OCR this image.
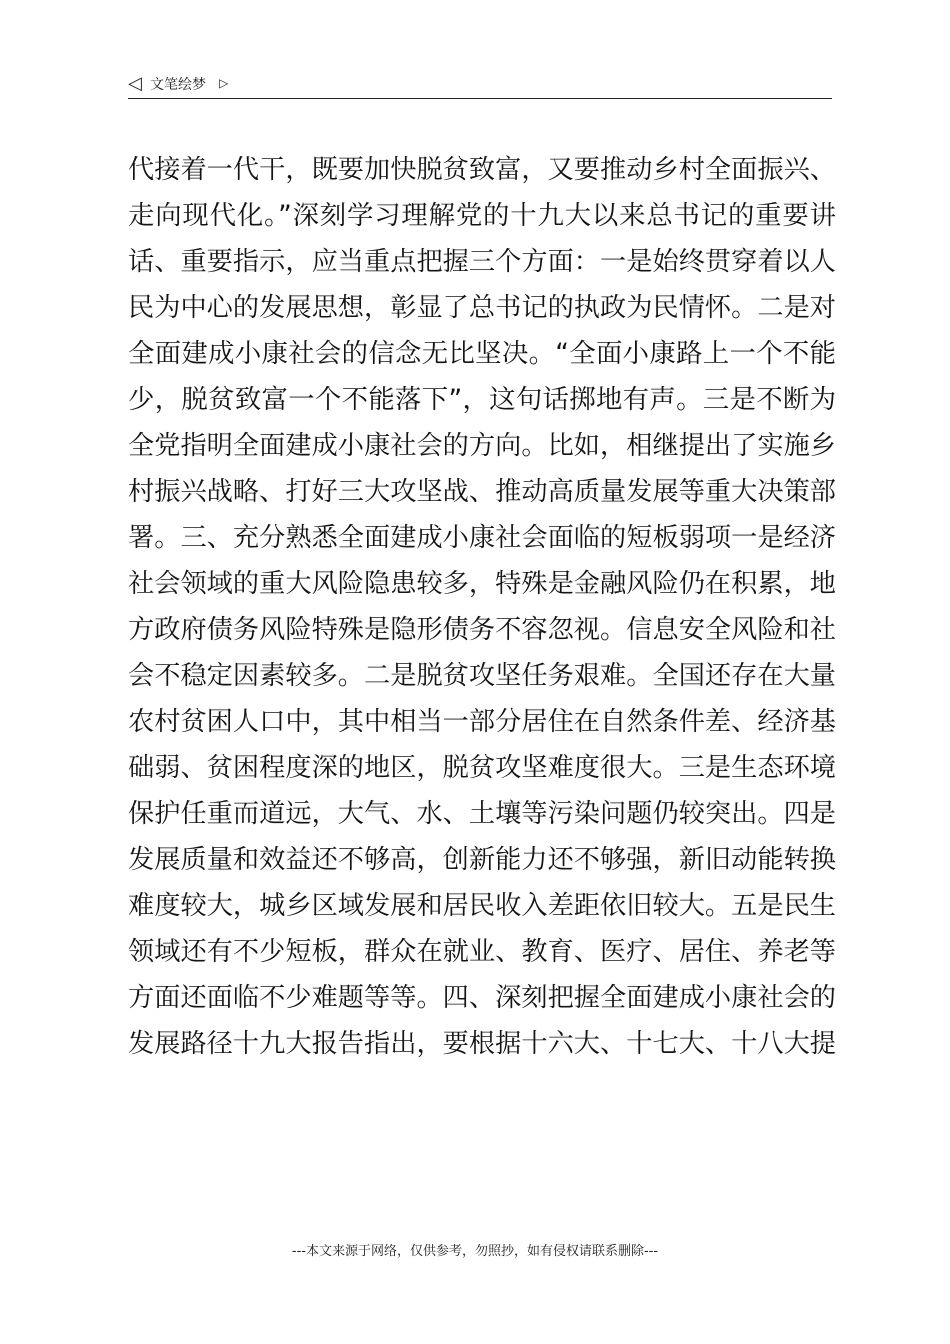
◁ 文笔绘梦 ▷
代接着一代干，既要加快脱贫致富，又要推动乡村全面振兴、
走向现代化。”深刻学习理解党的十九大以来总书记的重要讲
话、重要指示，应当重点把握三个方面：一是始终贯穿着以人
民为中心的发展思想，彰显了总书记的执政为民情怀。二是对
全面建成小康社会的信念无比坚决。“全面小康路上一个不能
少，脱贫致富一个不能落下”，这句话掷地有声。三是不断为
全党指明全面建成小康社会的方向。比如，相继提出了实施乡
村振兴战略、打好三大攻坚战、推动高质量发展等重大决策部
署。三、充分熟悉全面建成小康社会面临的短板弱项一是经济
社会领域的重大风险隐患较多，特殊是金融风险仍在积累，地
方政府债务风险特殊是隐形债务不容忽视。信息安全风险和社
会不稳定因素较多。二是脱贫攻坚任务艰难。全国还存在大量
农村贫困人口中，其中相当一部分居住在自然条件差、经济基
础弱、贫困程度深的地区，脱贫攻坚难度很大。三是生态环境
保护任重而道远，大气、水、土壤等污染问题仍较突出。四是
发展质量和效益还不够高，创新能力还不够强，新旧动能转换
难度较大，城乡区域发展和居民收入差距依旧较大。五是民生
领域还有不少短板，群众在就业、教育、医疗、居住、养老等
方面还面临不少难题等等。四、深刻把握全面建成小康社会的
发展路径十九大报告指出，要根据十六大、十七大、十八大提
---本文来源于网络，仅供参考，勿照抄，如有侵权请联系删除---
